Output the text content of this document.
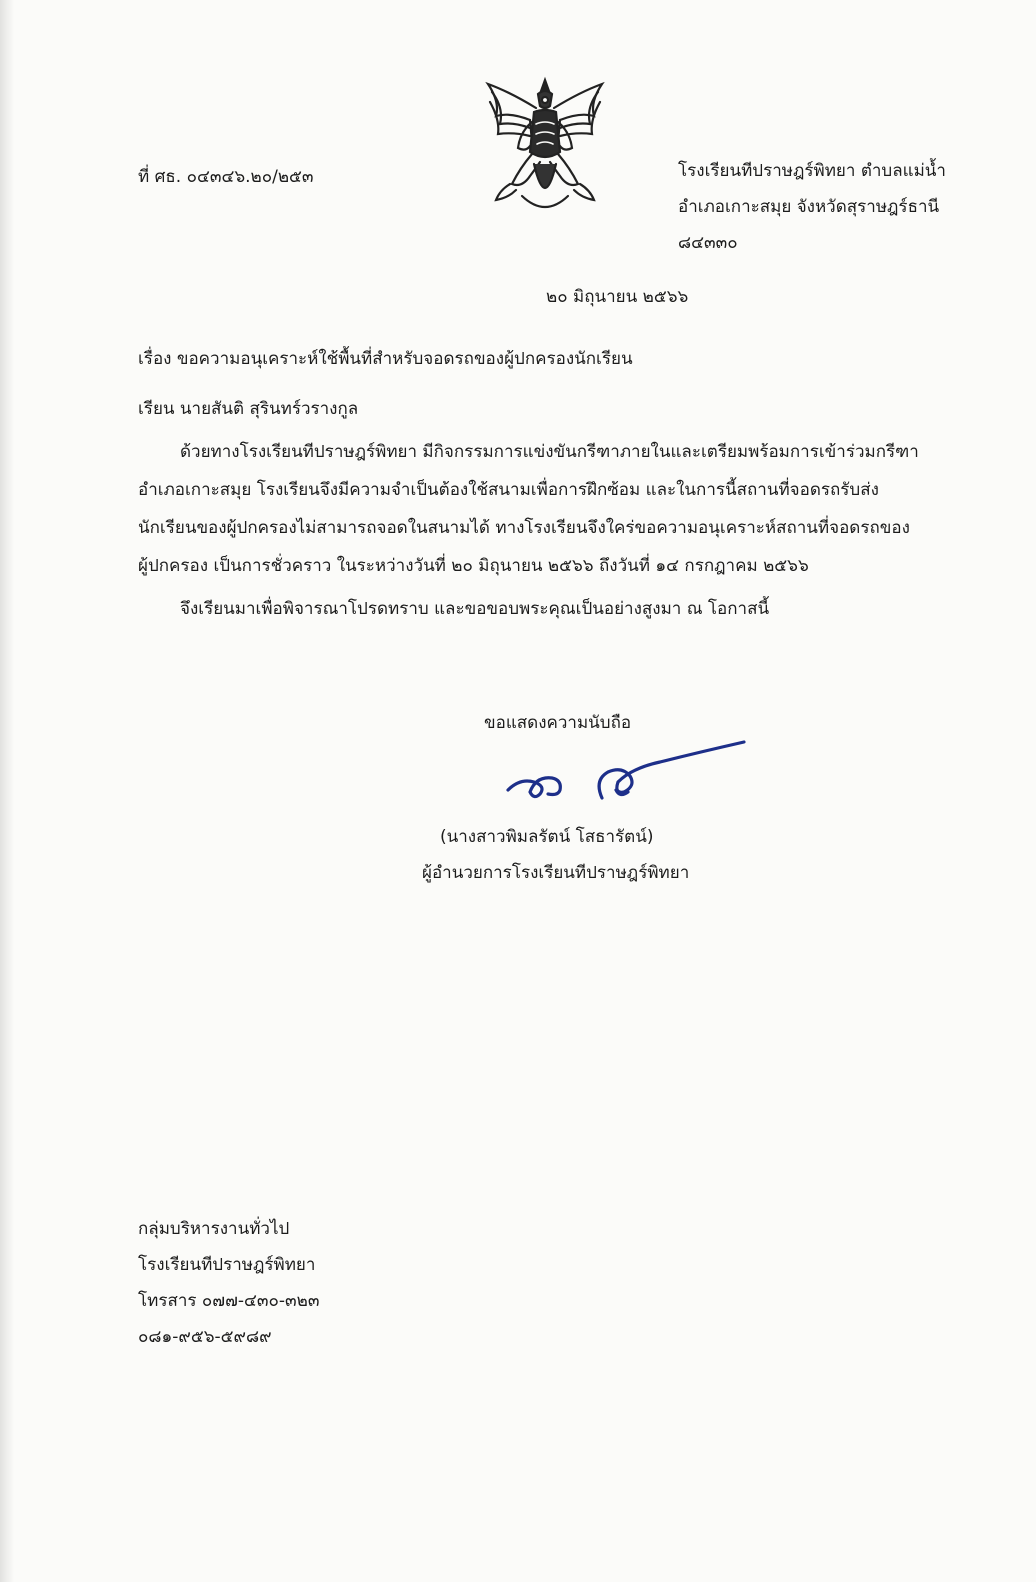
ที่ ศธ. ๐๔๓๔๖.๒๐/๒๕๓	โรงเรียนทีปราษฎร์พิทยา ตำบลแม่น้ำ
อำเภอเกาะสมุย จังหวัดสุราษฎร์ธานี
๘๔๓๓๐
๒๐ มิถุนายน ๒๕๖๖
เรื่อง ขอความอนุเคราะห์ใช้พื้นที่สำหรับจอดรถของผู้ปกครองนักเรียน
เรียน นายสันติ สุรินทร์วรางกูล
ด้วยทางโรงเรียนทีปราษฎร์พิทยา มีกิจกรรมการแข่งขันกรีฑาภายในและเตรียมพร้อมการเข้าร่วมกรีฑา
อำเภอเกาะสมุย โรงเรียนจึงมีความจำเป็นต้องใช้สนามเพื่อการฝึกซ้อม และในการนี้สถานที่จอดรถรับส่ง
นักเรียนของผู้ปกครองไม่สามารถจอดในสนามได้ ทางโรงเรียนจึงใคร่ขอความอนุเคราะห์สถานที่จอดรถของ
ผู้ปกครอง เป็นการชั่วคราว ในระหว่างวันที่ ๒๐ มิถุนายน ๒๕๖๖ ถึงวันที่ ๑๔ กรกฎาคม ๒๕๖๖
จึงเรียนมาเพื่อพิจารณาโปรดทราบ และขอขอบพระคุณเป็นอย่างสูงมา ณ โอกาสนี้
ขอแสดงความนับถือ
(นางสาวพิมลรัตน์ โสธารัตน์)
ผู้อำนวยการโรงเรียนทีปราษฎร์พิทยา
กลุ่มบริหารงานทั่วไป
โรงเรียนทีปราษฎร์พิทยา
โทรสาร ๐๗๗-๔๓๐-๓๒๓
๐๘๑-๙๕๖-๕๙๘๙
